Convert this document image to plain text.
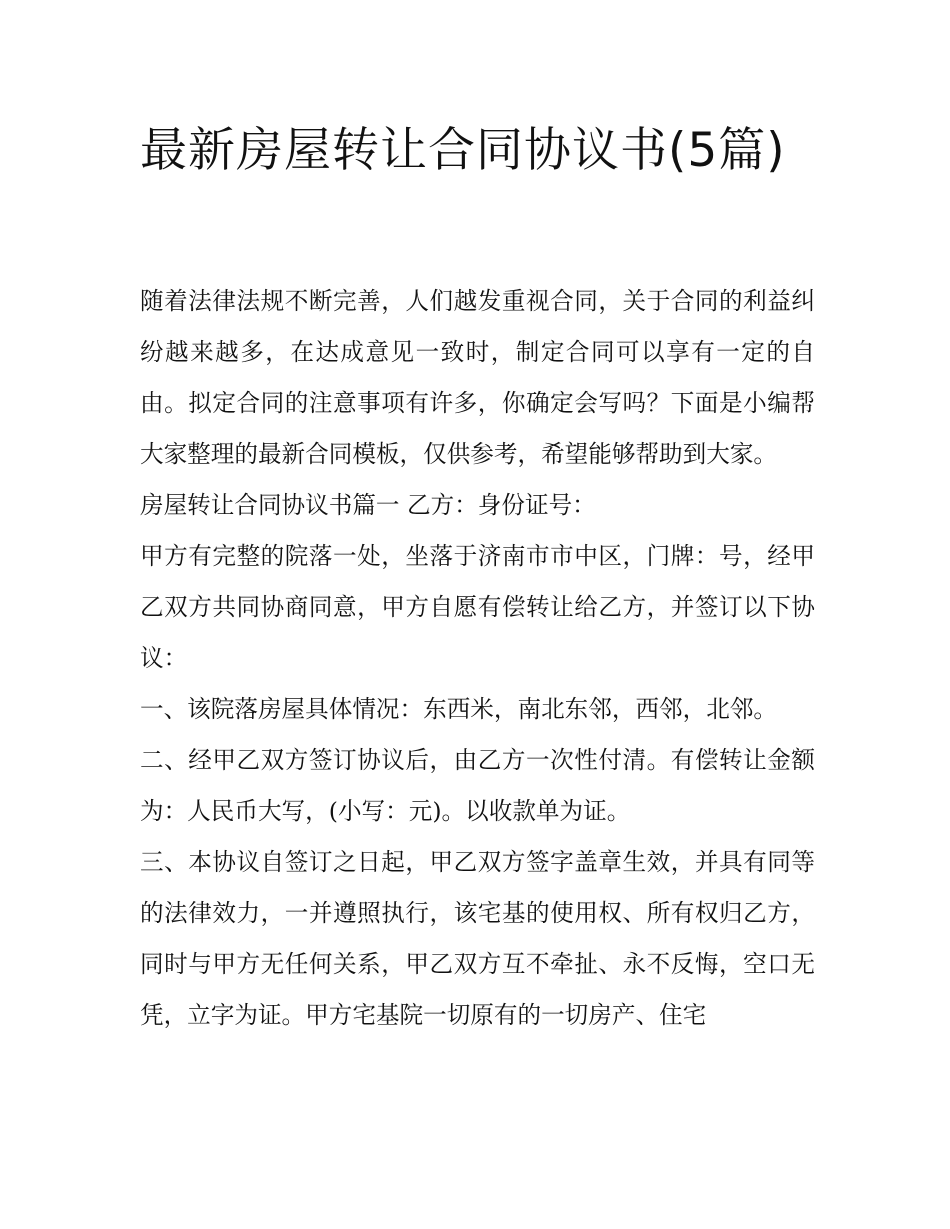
最新房屋转让合同协议书(5篇)

随着法律法规不断完善，人们越发重视合同，关于合同的利益纠纷越来越多，在达成意见一致时，制定合同可以享有一定的自由。拟定合同的注意事项有许多，你确定会写吗？下面是小编帮大家整理的最新合同模板，仅供参考，希望能够帮助到大家。

房屋转让合同协议书篇一 乙方：身份证号：

甲方有完整的院落一处，坐落于济南市市中区，门牌：号，经甲乙双方共同协商同意，甲方自愿有偿转让给乙方，并签订以下协议：

一、该院落房屋具体情况：东西米，南北东邻，西邻，北邻。

二、经甲乙双方签订协议后，由乙方一次性付清。有偿转让金额为：人民币大写，(小写：元)。以收款单为证。

三、本协议自签订之日起，甲乙双方签字盖章生效，并具有同等的法律效力，一并遵照执行，该宅基的使用权、所有权归乙方，同时与甲方无任何关系，甲乙双方互不牵扯、永不反悔，空口无凭，立字为证。甲方宅基院一切原有的一切房产、住宅
